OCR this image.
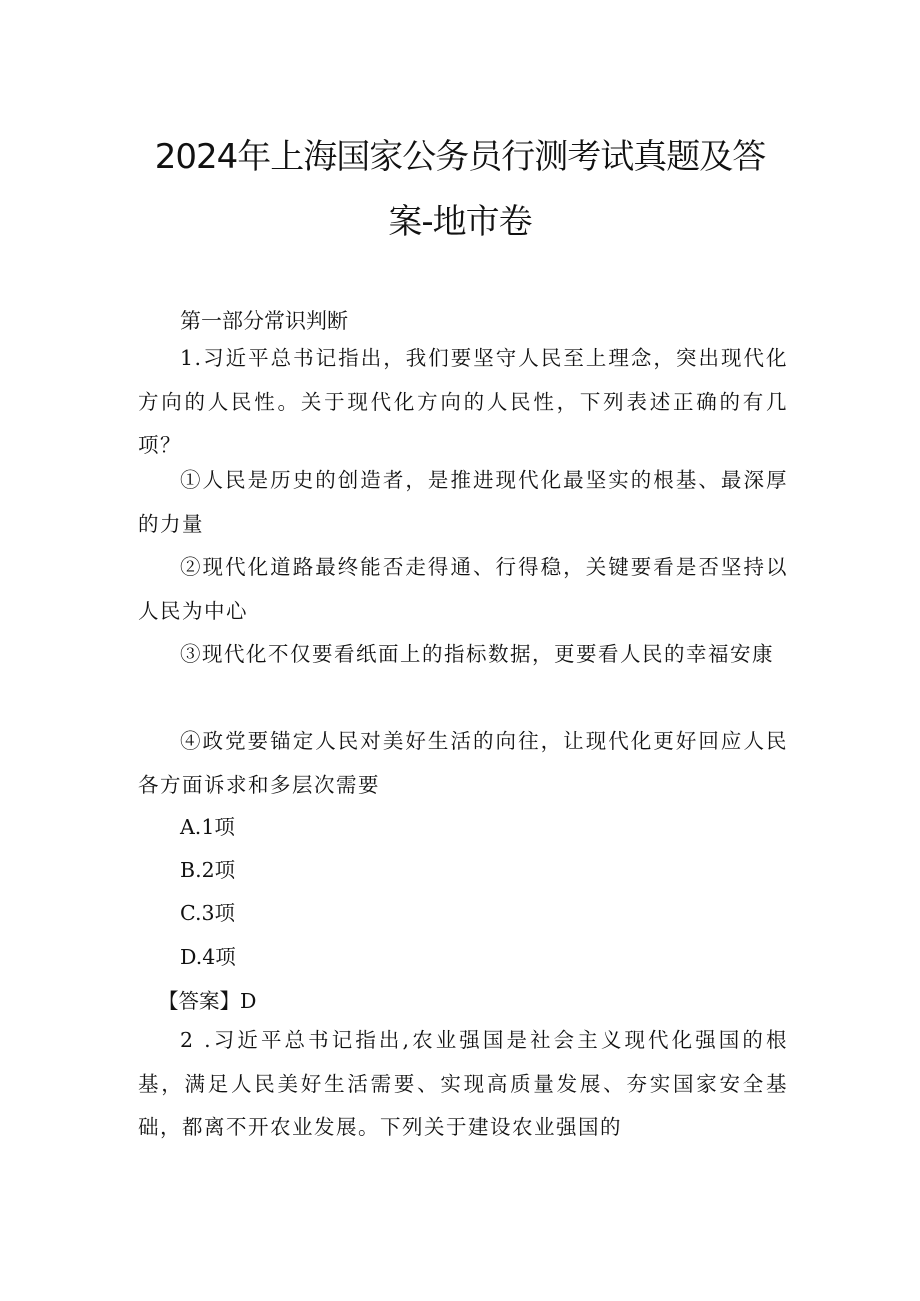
2024年上海国家公务员行测考试真题及答
案-地市卷
第一部分常识判断

1.习近平总书记指出，我们要坚守人民至上理念，突出现代化方向的人民性。关于现代化方向的人民性，下列表述正确的有几项？

①人民是历史的创造者，是推进现代化最坚实的根基、最深厚的力量

②现代化道路最终能否走得通、行得稳，关键要看是否坚持以人民为中心

③现代化不仅要看纸面上的指标数据，更要看人民的幸福安康

④政党要锚定人民对美好生活的向往，让现代化更好回应人民各方面诉求和多层次需要

A.1项

B.2项

C.3项

D.4项

【答案】D

2 .习近平总书记指出,农业强国是社会主义现代化强国的根基，满足人民美好生活需要、实现高质量发展、夯实国家安全基础，都离不开农业发展。下列关于建设农业强国的
